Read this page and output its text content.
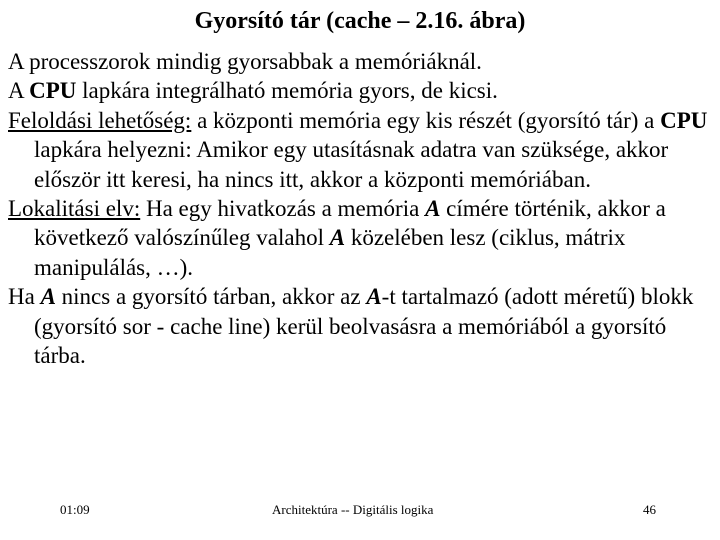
Gyorsító tár (cache – 2.16. ábra)

A processzorok mindig gyorsabbak a memóriáknál.

A CPU lapkára integrálható memória gyors, de kicsi.

Feloldási lehetőség: a központi memória egy kis részét (gyorsító tár) a CPU lapkára helyezni: Amikor egy utasításnak adatra van szüksége, akkor először itt keresi, ha nincs itt, akkor a központi memóriában.

Lokalitási elv: Ha egy hivatkozás a memória A címére történik, akkor a következő valószínűleg valahol A közelében lesz (ciklus, mátrix manipulálás, …).

Ha A nincs a gyorsító tárban, akkor az A-t tartalmazó (adott méretű) blokk (gyorsító sor - cache line) kerül beolvasásra a memóriából a gyorsító tárba.

01:09	Architektúra -- Digitális logika	46
